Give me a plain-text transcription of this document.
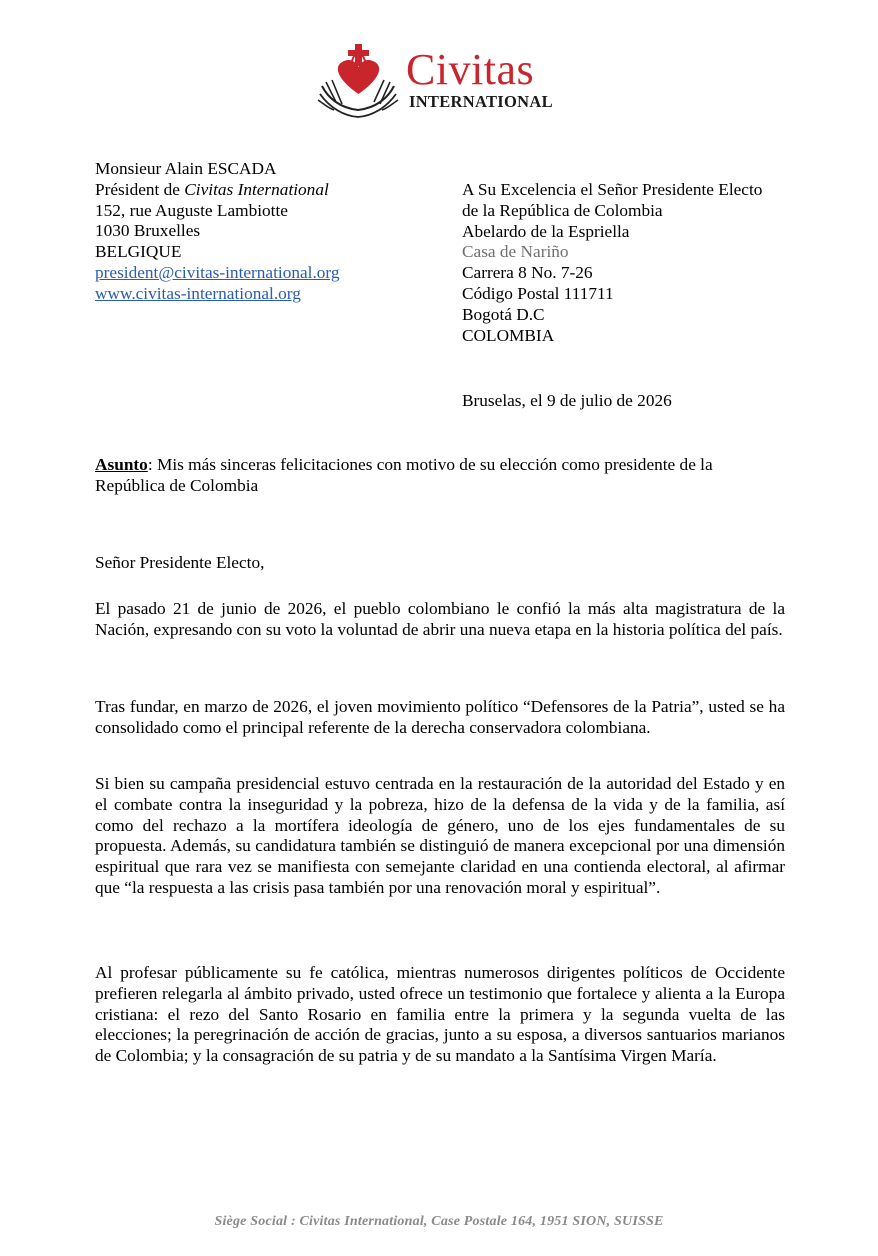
Civitas
INTERNATIONAL
Monsieur Alain ESCADA
Président de Civitas International
152, rue Auguste Lambiotte
1030 Bruxelles
BELGIQUE
president@civitas-international.org
www.civitas-international.org
A Su Excelencia el Señor Presidente Electo
de la República de Colombia
Abelardo de la Espriella
Casa de Nariño
Carrera 8 No. 7-26
Código Postal 111711
Bogotá D.C
COLOMBIA
Bruselas, el 9 de julio de 2026
Asunto: Mis más sinceras felicitaciones con motivo de su elección como presidente de la República de Colombia
Señor Presidente Electo,
El pasado 21 de junio de 2026, el pueblo colombiano le confió la más alta magistratura de la Nación, expresando con su voto la voluntad de abrir una nueva etapa en la historia política del país.
Tras fundar, en marzo de 2026, el joven movimiento político “Defensores de la Patria”, usted se ha consolidado como el principal referente de la derecha conservadora colombiana.
Si bien su campaña presidencial estuvo centrada en la restauración de la autoridad del Estado y en el combate contra la inseguridad y la pobreza, hizo de la defensa de la vida y de la familia, así como del rechazo a la mortífera ideología de género, uno de los ejes fundamentales de su propuesta. Además, su candidatura también se distinguió de manera excepcional por una dimensión espiritual que rara vez se manifiesta con semejante claridad en una contienda electoral, al afirmar que “la respuesta a las crisis pasa también por una renovación moral y espiritual”.
Al profesar públicamente su fe católica, mientras numerosos dirigentes políticos de Occidente prefieren relegarla al ámbito privado, usted ofrece un testimonio que fortalece y alienta a la Europa cristiana: el rezo del Santo Rosario en familia entre la primera y la segunda vuelta de las elecciones; la peregrinación de acción de gracias, junto a su esposa, a diversos santuarios marianos de Colombia; y la consagración de su patria y de su mandato a la Santísima Virgen María.
Siège Social : Civitas International, Case Postale 164, 1951 SION, SUISSE
